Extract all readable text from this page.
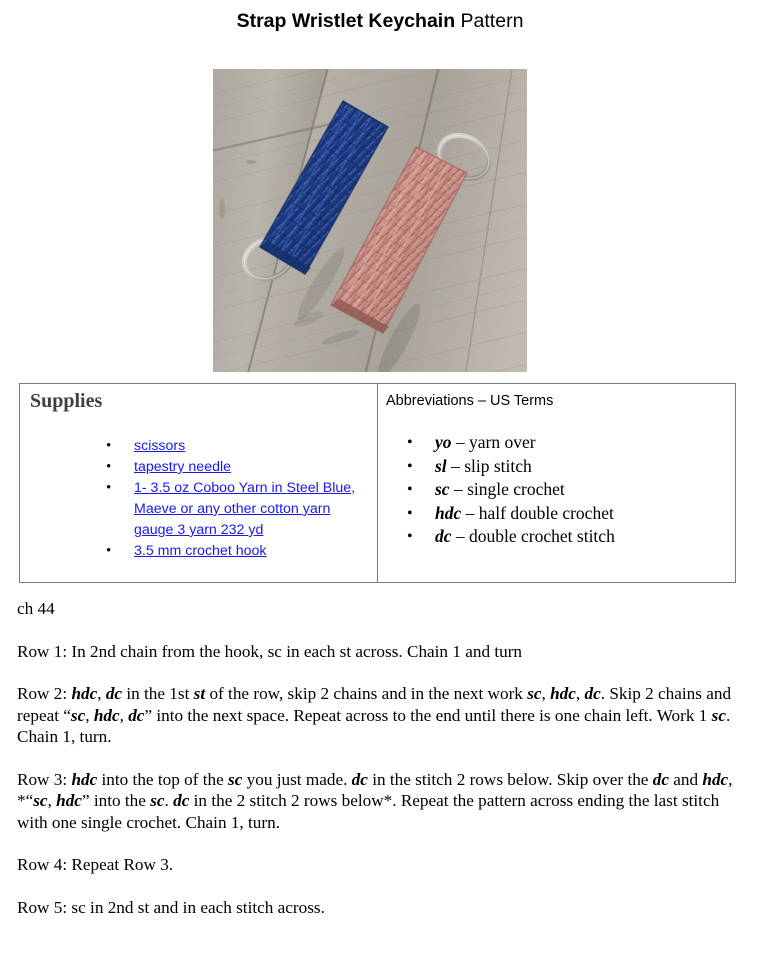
Strap Wristlet Keychain Pattern
Supplies
• scissors
• tapestry needle
• 1- 3.5 oz Coboo Yarn in Steel Blue, Maeve or any other cotton yarn gauge 3 yarn 232 yd
• 3.5 mm crochet hook
Abbreviations – US Terms
• yo – yarn over
• sl – slip stitch
• sc – single crochet
• hdc – half double crochet
• dc – double crochet stitch

ch 44

Row 1: In 2nd chain from the hook, sc in each st across. Chain 1 and turn

Row 2: hdc, dc in the 1st st of the row, skip 2 chains and in the next work sc, hdc, dc. Skip 2 chains and repeat “sc, hdc, dc” into the next space. Repeat across to the end until there is one chain left. Work 1 sc. Chain 1, turn.

Row 3: hdc into the top of the sc you just made. dc in the stitch 2 rows below. Skip over the dc and hdc, *“sc, hdc” into the sc. dc in the 2 stitch 2 rows below*. Repeat the pattern across ending the last stitch with one single crochet. Chain 1, turn.

Row 4: Repeat Row 3.

Row 5: sc in 2nd st and in each stitch across.
